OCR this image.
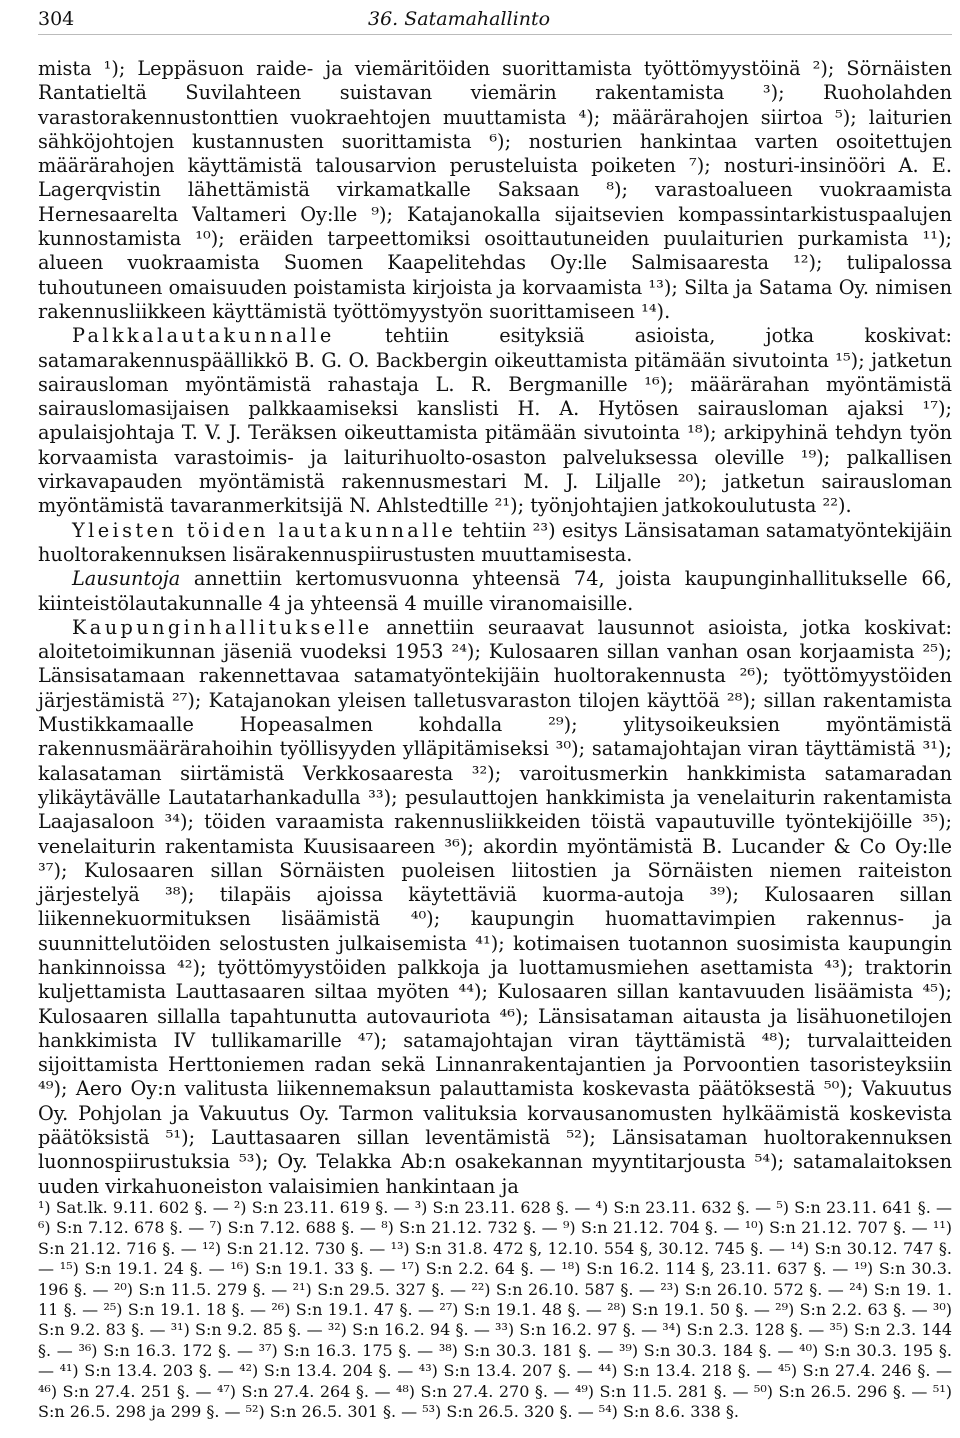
304	36. Satamahallinto

mista ¹); Leppäsuon raide- ja viemäritöiden suorittamista työttömyystöinä ²); Sörnäisten Rantatieltä Suvilahteen suistavan viemärin rakentamista ³); Ruoholahden varastorakennustonttien vuokraehtojen muuttamista ⁴); määrärahojen siirtoa ⁵); laiturien sähköjohtojen kustannusten suorittamista ⁶); nosturien hankintaa varten osoitettujen määrärahojen käyttämistä talousarvion perusteluista poiketen ⁷); nosturi-insinööri A. E. Lagerqvistin lähettämistä virkamatkalle Saksaan ⁸); varastoalueen vuokraamista Hernesaarelta Valtameri Oy:lle ⁹); Katajanokalla sijaitsevien kompassintarkistuspaalujen kunnostamista ¹⁰); eräiden tarpeettomiksi osoittautuneiden puulaiturien purkamista ¹¹); alueen vuokraamista Suomen Kaapelitehdas Oy:lle Salmisaaresta ¹²); tulipalossa tuhoutuneen omaisuuden poistamista kirjoista ja korvaamista ¹³); Silta ja Satama Oy. nimisen rakennusliikkeen käyttämistä työttömyystyön suorittamiseen ¹⁴).

Palkkalautakunnalle tehtiin esityksiä asioista, jotka koskivat: satamarakennuspäällikkö B. G. O. Backbergin oikeuttamista pitämään sivutointa ¹⁵); jatketun sairausloman myöntämistä rahastaja L. R. Bergmanille ¹⁶); määrärahan myöntämistä sairauslomasijaisen palkkaamiseksi kanslisti H. A. Hytösen sairausloman ajaksi ¹⁷); apulaisjohtaja T. V. J. Teräksen oikeuttamista pitämään sivutointa ¹⁸); arkipyhinä tehdyn työn korvaamista varastoimis- ja laiturihuolto-osaston palveluksessa oleville ¹⁹); palkallisen virkavapauden myöntämistä rakennusmestari M. J. Liljalle ²⁰); jatketun sairausloman myöntämistä tavaranmerkitsijä N. Ahlstedtille ²¹); työnjohtajien jatkokoulutusta ²²).

Yleisten töiden lautakunnalle tehtiin ²³) esitys Länsisataman satamatyöntekijäin huoltorakennuksen lisärakennuspiirustusten muuttamisesta.

Lausuntoja annettiin kertomusvuonna yhteensä 74, joista kaupunginhallitukselle 66, kiinteistölautakunnalle 4 ja yhteensä 4 muille viranomaisille.

Kaupunginhallitukselle annettiin seuraavat lausunnot asioista, jotka koskivat: aloitetoimikunnan jäseniä vuodeksi 1953 ²⁴); Kulosaaren sillan vanhan osan korjaamista ²⁵); Länsisatamaan rakennettavaa satamatyöntekijäin huoltorakennusta ²⁶); työttömyystöiden järjestämistä ²⁷); Katajanokan yleisen talletusvaraston tilojen käyttöä ²⁸); sillan rakentamista Mustikkamaalle Hopeasalmen kohdalla ²⁹); ylitysoikeuksien myöntämistä rakennusmäärärahoihin työllisyyden ylläpitämiseksi ³⁰); satamajohtajan viran täyttämistä ³¹); kalasataman siirtämistä Verkkosaaresta ³²); varoitusmerkin hankkimista satamaradan ylikäytävälle Lautatarhankadulla ³³); pesulauttojen hankkimista ja venelaiturin rakentamista Laajasaloon ³⁴); töiden varaamista rakennusliikkeiden töistä vapautuville työntekijöille ³⁵); venelaiturin rakentamista Kuusisaareen ³⁶); akordin myöntämistä B. Lucander & Co Oy:lle ³⁷); Kulosaaren sillan Sörnäisten puoleisen liitostien ja Sörnäisten niemen raiteiston järjestelyä ³⁸); tilapäis ajoissa käytettäviä kuorma-autoja ³⁹); Kulosaaren sillan liikennekuormituksen lisäämistä ⁴⁰); kaupungin huomattavimpien rakennus- ja suunnittelutöiden selostusten julkaisemista ⁴¹); kotimaisen tuotannon suosimista kaupungin hankinnoissa ⁴²); työttömyystöiden palkkoja ja luottamusmiehen asettamista ⁴³); traktorin kuljettamista Lauttasaaren siltaa myöten ⁴⁴); Kulosaaren sillan kantavuuden lisäämista ⁴⁵); Kulosaaren sillalla tapahtunutta autovauriota ⁴⁶); Länsisataman aitausta ja lisähuonetilojen hankkimista IV tullikamarille ⁴⁷); satamajohtajan viran täyttämistä ⁴⁸); turvalaitteiden sijoittamista Herttoniemen radan sekä Linnanrakentajantien ja Porvoontien tasoristeyksiin ⁴⁹); Aero Oy:n valitusta liikennemaksun palauttamista koskevasta päätöksestä ⁵⁰); Vakuutus Oy. Pohjolan ja Vakuutus Oy. Tarmon valituksia korvausanomusten hylkäämistä koskevista päätöksistä ⁵¹); Lauttasaaren sillan leventämistä ⁵²); Länsisataman huoltorakennuksen luonnospiirustuksia ⁵³); Oy. Telakka Ab:n osakekannan myyntitarjousta ⁵⁴); satamalaitoksen uuden virkahuoneiston valaisimien hankintaan ja

¹) Sat.lk. 9.11. 602 §. — ²) S:n 23.11. 619 §. — ³) S:n 23.11. 628 §. — ⁴) S:n 23.11. 632 §. — ⁵) S:n 23.11. 641 §. — ⁶) S:n 7.12. 678 §. — ⁷) S:n 7.12. 688 §. — ⁸) S:n 21.12. 732 §. — ⁹) S:n 21.12. 704 §. — ¹⁰) S:n 21.12. 707 §. — ¹¹) S:n 21.12. 716 §. — ¹²) S:n 21.12. 730 §. — ¹³) S:n 31.8. 472 §, 12.10. 554 §, 30.12. 745 §. — ¹⁴) S:n 30.12. 747 §. — ¹⁵) S:n 19.1. 24 §. — ¹⁶) S:n 19.1. 33 §. — ¹⁷) S:n 2.2. 64 §. — ¹⁸) S:n 16.2. 114 §, 23.11. 637 §. — ¹⁹) S:n 30.3. 196 §. — ²⁰) S:n 11.5. 279 §. — ²¹) S:n 29.5. 327 §. — ²²) S:n 26.10. 587 §. — ²³) S:n 26.10. 572 §. — ²⁴) S:n 19. 1. 11 §. — ²⁵) S:n 19.1. 18 §. — ²⁶) S:n 19.1. 47 §. — ²⁷) S:n 19.1. 48 §. — ²⁸) S:n 19.1. 50 §. — ²⁹) S:n 2.2. 63 §. — ³⁰) S:n 9.2. 83 §. — ³¹) S:n 9.2. 85 §. — ³²) S:n 16.2. 94 §. — ³³) S:n 16.2. 97 §. — ³⁴) S:n 2.3. 128 §. — ³⁵) S:n 2.3. 144 §. — ³⁶) S:n 16.3. 172 §. — ³⁷) S:n 16.3. 175 §. — ³⁸) S:n 30.3. 181 §. — ³⁹) S:n 30.3. 184 §. — ⁴⁰) S:n 30.3. 195 §. — ⁴¹) S:n 13.4. 203 §. — ⁴²) S:n 13.4. 204 §. — ⁴³) S:n 13.4. 207 §. — ⁴⁴) S:n 13.4. 218 §. — ⁴⁵) S:n 27.4. 246 §. — ⁴⁶) S:n 27.4. 251 §. — ⁴⁷) S:n 27.4. 264 §. — ⁴⁸) S:n 27.4. 270 §. — ⁴⁹) S:n 11.5. 281 §. — ⁵⁰) S:n 26.5. 296 §. — ⁵¹) S:n 26.5. 298 ja 299 §. — ⁵²) S:n 26.5. 301 §. — ⁵³) S:n 26.5. 320 §. — ⁵⁴) S:n 8.6. 338 §.
